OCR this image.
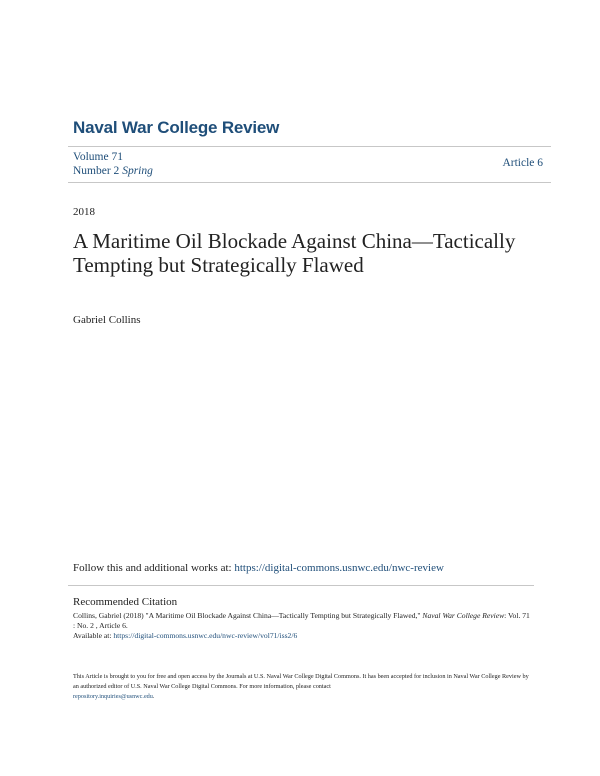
Naval War College Review
Volume 71
Number 2 Spring
Article 6
2018
A Maritime Oil Blockade Against China—Tactically Tempting but Strategically Flawed
Gabriel Collins
Follow this and additional works at: https://digital-commons.usnwc.edu/nwc-review
Recommended Citation
Collins, Gabriel (2018) "A Maritime Oil Blockade Against China—Tactically Tempting but Strategically Flawed," Naval War College Review: Vol. 71 : No. 2 , Article 6.
Available at: https://digital-commons.usnwc.edu/nwc-review/vol71/iss2/6
This Article is brought to you for free and open access by the Journals at U.S. Naval War College Digital Commons. It has been accepted for inclusion in Naval War College Review by an authorized editor of U.S. Naval War College Digital Commons. For more information, please contact
repository.inquiries@usnwc.edu.
